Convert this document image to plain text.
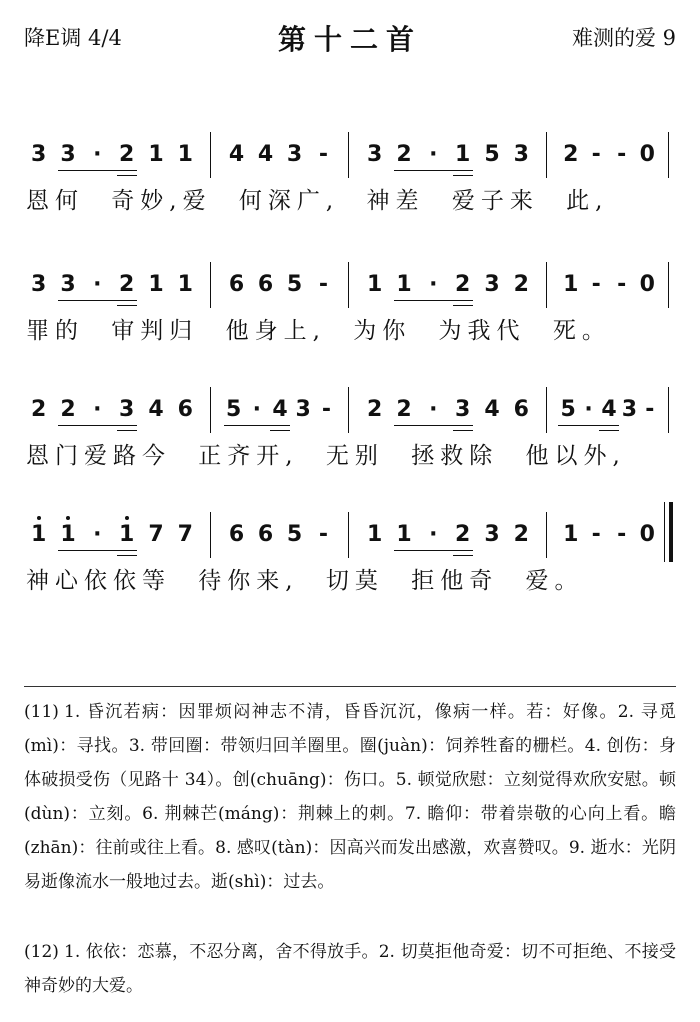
降E调 4/4	第十二首	难测的爱 9
3 3 · 2 1 1 4 4 3 -	3 2 · 1 5 3 2 - - 0
恩何 奇妙,爱 何深广, 神差 爱子来 此,
3 3 · 2 1 1 6 6 5 -	1 1 · 2 3 2 1 - - 0
罪的 审判归 他身上, 为你 为我代 死。
2 2 · 3 4 6 5 · 4 3 -	2 2 · 3 4 6 5 · 4 3 -
恩门爱路今 正齐开, 无别 拯救除 他以外,
1 1 · 1 7 7 6 6 5 -	1 1 · 2 3 2 1 - - 0
神心依依等 待你来, 切莫 拒他奇 爱。
(11) 1. 昏沉若病：因罪烦闷神志不清，昏昏沉沉，像病一样。若：好像。2. 寻觅(mì)：寻找。3. 带回圈：带领归回羊圈里。圈(juàn)：饲养牲畜的栅栏。4. 创伤：身体破损受伤（见路十 34）。创(chuāng)：伤口。5. 顿觉欣慰：立刻觉得欢欣安慰。顿(dùn)：立刻。6. 荆棘芒(máng)：荆棘上的刺。7. 瞻仰：带着崇敬的心向上看。瞻(zhān)：往前或往上看。8. 感叹(tàn)：因高兴而发出感激，欢喜赞叹。9. 逝水：光阴易逝像流水一般地过去。逝(shì)：过去。
(12) 1. 依依：恋慕，不忍分离，舍不得放手。2. 切莫拒他奇爱：切不可拒绝、不接受神奇妙的大爱。
